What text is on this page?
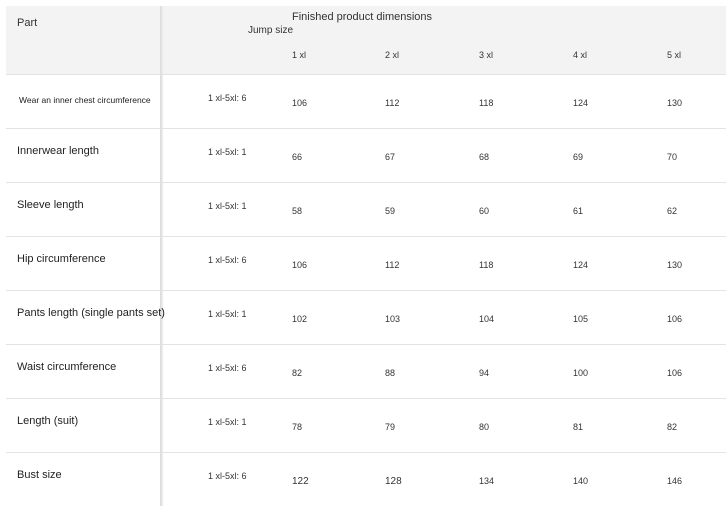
Part	Finished product dimensions
Jump size
1 xl	2 xl	3 xl	4 xl	5 xl
Wear an inner chest circumference	1 xl-5xl: 6	106	112	118	124	130
Innerwear length	1 xl-5xl: 1	66	67	68	69	70
Sleeve length	1 xl-5xl: 1	58	59	60	61	62
Hip circumference	1 xl-5xl: 6	106	112	118	124	130
Pants length (single pants set)	1 xl-5xl: 1	102	103	104	105	106
Waist circumference	1 xl-5xl: 6	82	88	94	100	106
Length (suit)	1 xl-5xl: 1	78	79	80	81	82
Bust size	1 xl-5xl: 6	122	128	134	140	146
